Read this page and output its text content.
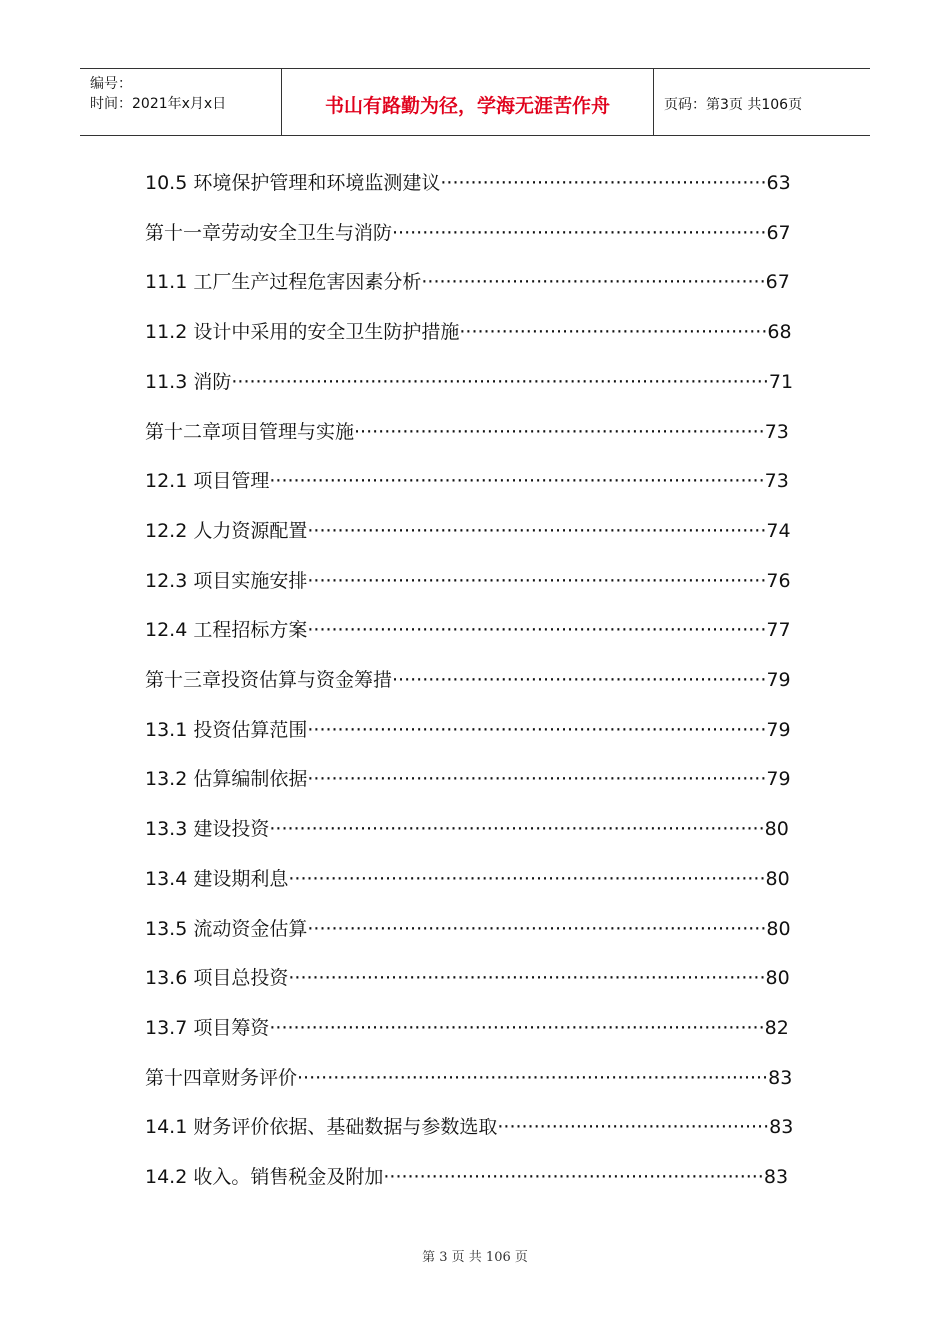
编号：
时间：2021年x月x日	书山有路勤为径，学海无涯苦作舟	页码：第3页 共106页
10.5 环境保护管理和环境监测建议······················································63
第十一章劳动安全卫生与消防······························································67
11.1 工厂生产过程危害因素分析·························································67
11.2 设计中采用的安全卫生防护措施···················································68
11.3 消防·························································································71
第十二章项目管理与实施····································································73
12.1 项目管理··················································································73
12.2 人力资源配置············································································74
12.3 项目实施安排············································································76
12.4 工程招标方案············································································77
第十三章投资估算与资金筹措······························································79
13.1 投资估算范围············································································79
13.2 估算编制依据············································································79
13.3 建设投资··················································································80
13.4 建设期利息···············································································80
13.5 流动资金估算············································································80
13.6 项目总投资···············································································80
13.7 项目筹资··················································································82
第十四章财务评价··············································································83
14.1 财务评价依据、基础数据与参数选取·············································83
14.2 收入。销售税金及附加·······························································83
第 3 页 共 106 页
